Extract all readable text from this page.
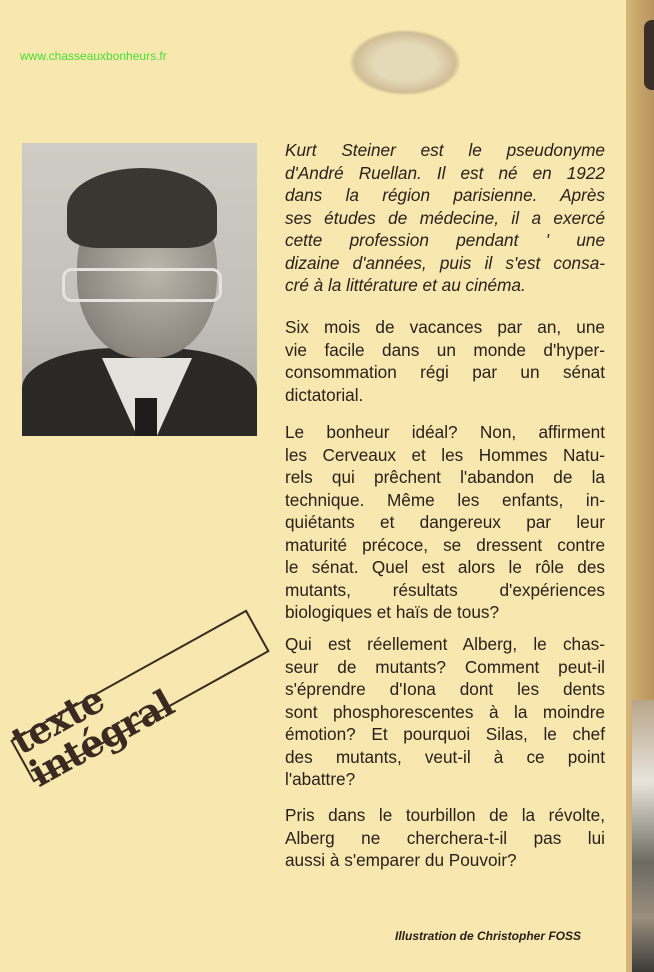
www.chasseauxbonheurs.fr
texte intégral
Kurt Steiner est le pseudonyme
d'André Ruellan. Il est né en 1922
dans la région parisienne. Après
ses études de médecine, il a exercé
cette profession pendant ' une
dizaine d'années, puis il s'est consa-
cré à la littérature et au cinéma.
Six mois de vacances par an, une
vie facile dans un monde d'hyper-
consommation régi par un sénat
dictatorial.
Le bonheur idéal? Non, affirment
les Cerveaux et les Hommes Natu-
rels qui prêchent l'abandon de la
technique. Même les enfants, in-
quiétants et dangereux par leur
maturité précoce, se dressent contre
le sénat. Quel est alors le rôle des
mutants, résultats d'expériences
biologiques et haïs de tous?
Qui est réellement Alberg, le chas-
seur de mutants? Comment peut-il
s'éprendre d'Iona dont les dents
sont phosphorescentes à la moindre
émotion? Et pourquoi Silas, le chef
des mutants, veut-il à ce point
l'abattre?
Pris dans le tourbillon de la révolte,
Alberg ne cherchera-t-il pas lui
aussi à s'emparer du Pouvoir?
Illustration de Christopher FOSS
